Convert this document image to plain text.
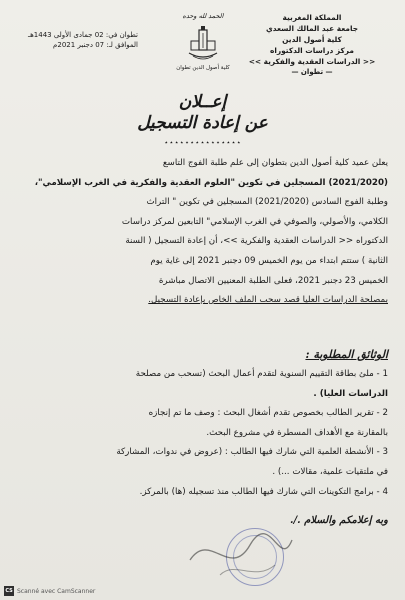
المملكة المغربية
جامعة عبد المالك السعدي
كلية أصول الدين
مركز دراسات الدكتوراه
<< الدراسات العقدية والفكرية >>
— تطوان —
الحمد لله وحده
كلية أصول الدين تطوان
تطوان في: 02 جمادى الأولى 1443هـ
الموافق لـ: 07 دجنبر 2021م
إعــلان
عن إعادة التسجيل
٭ ٭ ٭ ٭ ٭ ٭ ٭ ٭ ٭ ٭ ٭ ٭ ٭ ٭ ٭
يعلن عميد كلية أصول الدين بتطوان إلى علم طلبة الفوج التاسع
(2021/2020) المسجلين في تكوين "العلوم العقدية والفكرية في الغرب الإسلامي"،
وطلبة الفوج السادس (2021/2020) المسجلين في تكوين " التراث
الكلامي، والأصولي، والصوفي في الغرب الإسلامي" التابعين لمركز دراسات
الدكتوراه << الدراسات العقدية والفكرية >>، أن إعادة التسجيل ( السنة
الثانية ) ستتم ابتداء من يوم الخميس 09 دجنبر 2021 إلى غاية يوم
الخميس 23 دجنبر 2021، فعلى الطلبة المعنيين الاتصال مباشرة
بمصلحة الدراسات العليا قصد سحب الملف الخاص بإعادة التسجيل.
الوثائق المطلوبة :
1 - ملئ بطاقة التقييم السنوية لتقدم أعمال البحث (تسحب من مصلحة
الدراسات العليا) .
2 - تقرير الطالب بخصوص تقدم أشغال البحث : وصف ما تم إنجازه
بالمقارنة مع الأهداف المسطرة في مشروع البحث.
3 - الأنشطة العلمية التي شارك فيها الطالب : (عروض في ندوات، المشاركة
في ملتقيات علمية، مقالات ...) .
4 - برامج التكوينات التي شارك فيها الطالب منذ تسجيله (ها) بالمركز.
وبه إعلامكم والسلام ./.
CS Scanné avec CamScanner
